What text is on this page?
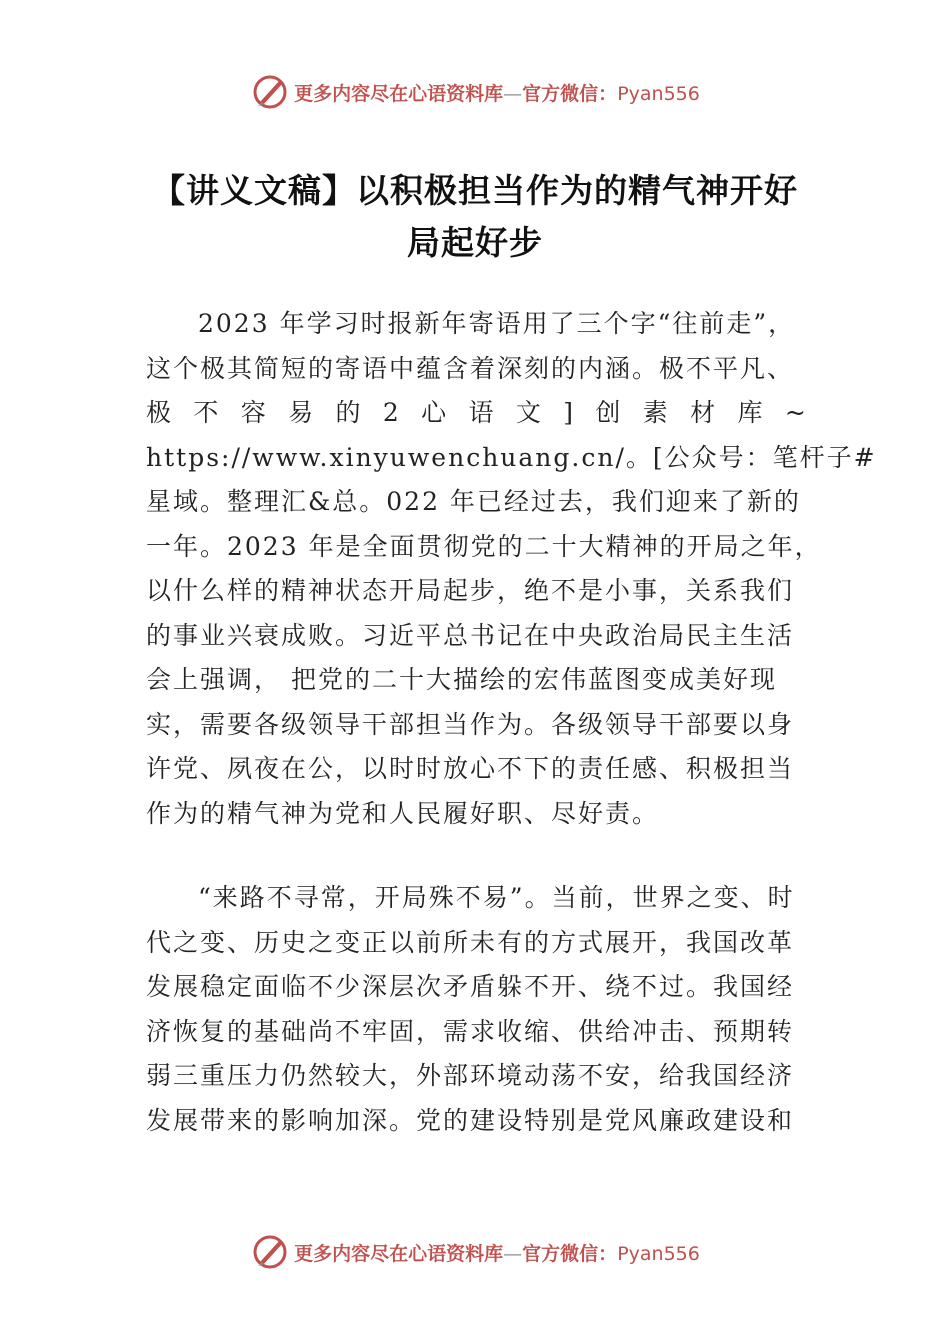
更多内容尽在心语资料库—官方微信：Pyan556
【讲义文稿】以积极担当作为的精气神开好
局起好步
2023 年学习时报新年寄语用了三个字“往前走”，
这个极其简短的寄语中蕴含着深刻的内涵。极不平凡、
极 不 容 易 的 2 心 语 文 ] 创 素 材 库 ~
https://www.xinyuwenchuang.cn/。[公众号：笔杆子#
星域。整理汇&总。022 年已经过去，我们迎来了新的
一年。2023 年是全面贯彻党的二十大精神的开局之年，
以什么样的精神状态开局起步，绝不是小事，关系我们
的事业兴衰成败。习近平总书记在中央政治局民主生活
会上强调， 把党的二十大描绘的宏伟蓝图变成美好现
实，需要各级领导干部担当作为。各级领导干部要以身
许党、夙夜在公，以时时放心不下的责任感、积极担当
作为的精气神为党和人民履好职、尽好责。
“来路不寻常，开局殊不易”。当前，世界之变、时
代之变、历史之变正以前所未有的方式展开，我国改革
发展稳定面临不少深层次矛盾躲不开、绕不过。我国经
济恢复的基础尚不牢固，需求收缩、供给冲击、预期转
弱三重压力仍然较大，外部环境动荡不安，给我国经济
发展带来的影响加深。党的建设特别是党风廉政建设和
更多内容尽在心语资料库—官方微信：Pyan556
